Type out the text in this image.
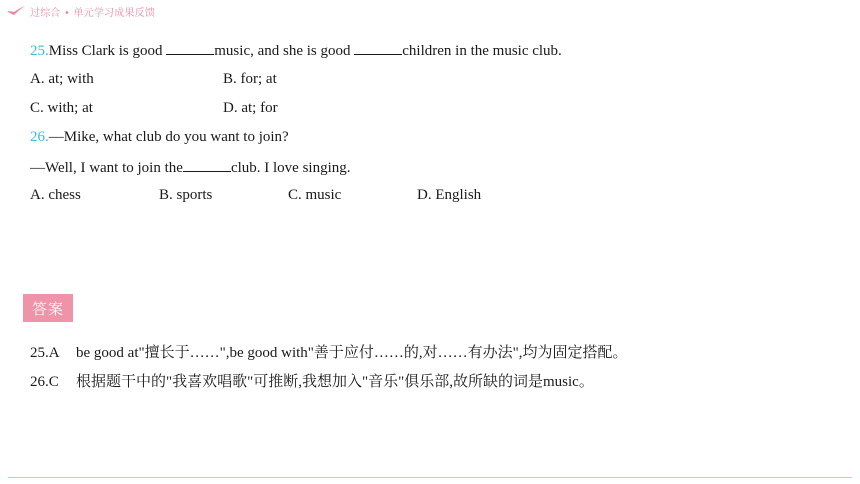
过综合 • 单元学习成果反馈
25.Miss Clark is good	music, and she is good	children in the music club.
A. at; with	B. for; at
C. with; at	D. at; for
26.—Mike, what club do you want to join?
—Well, I want to join the	club. I love singing.
A. chess	B. sports	C. music	D. English
答案
25.A be good at"擅长于……",be good with"善于应付……的,对……有办法",均为固定搭配。
26.C 根据题干中的"我喜欢唱歌"可推断,我想加入"音乐"俱乐部,故所缺的词是music。
